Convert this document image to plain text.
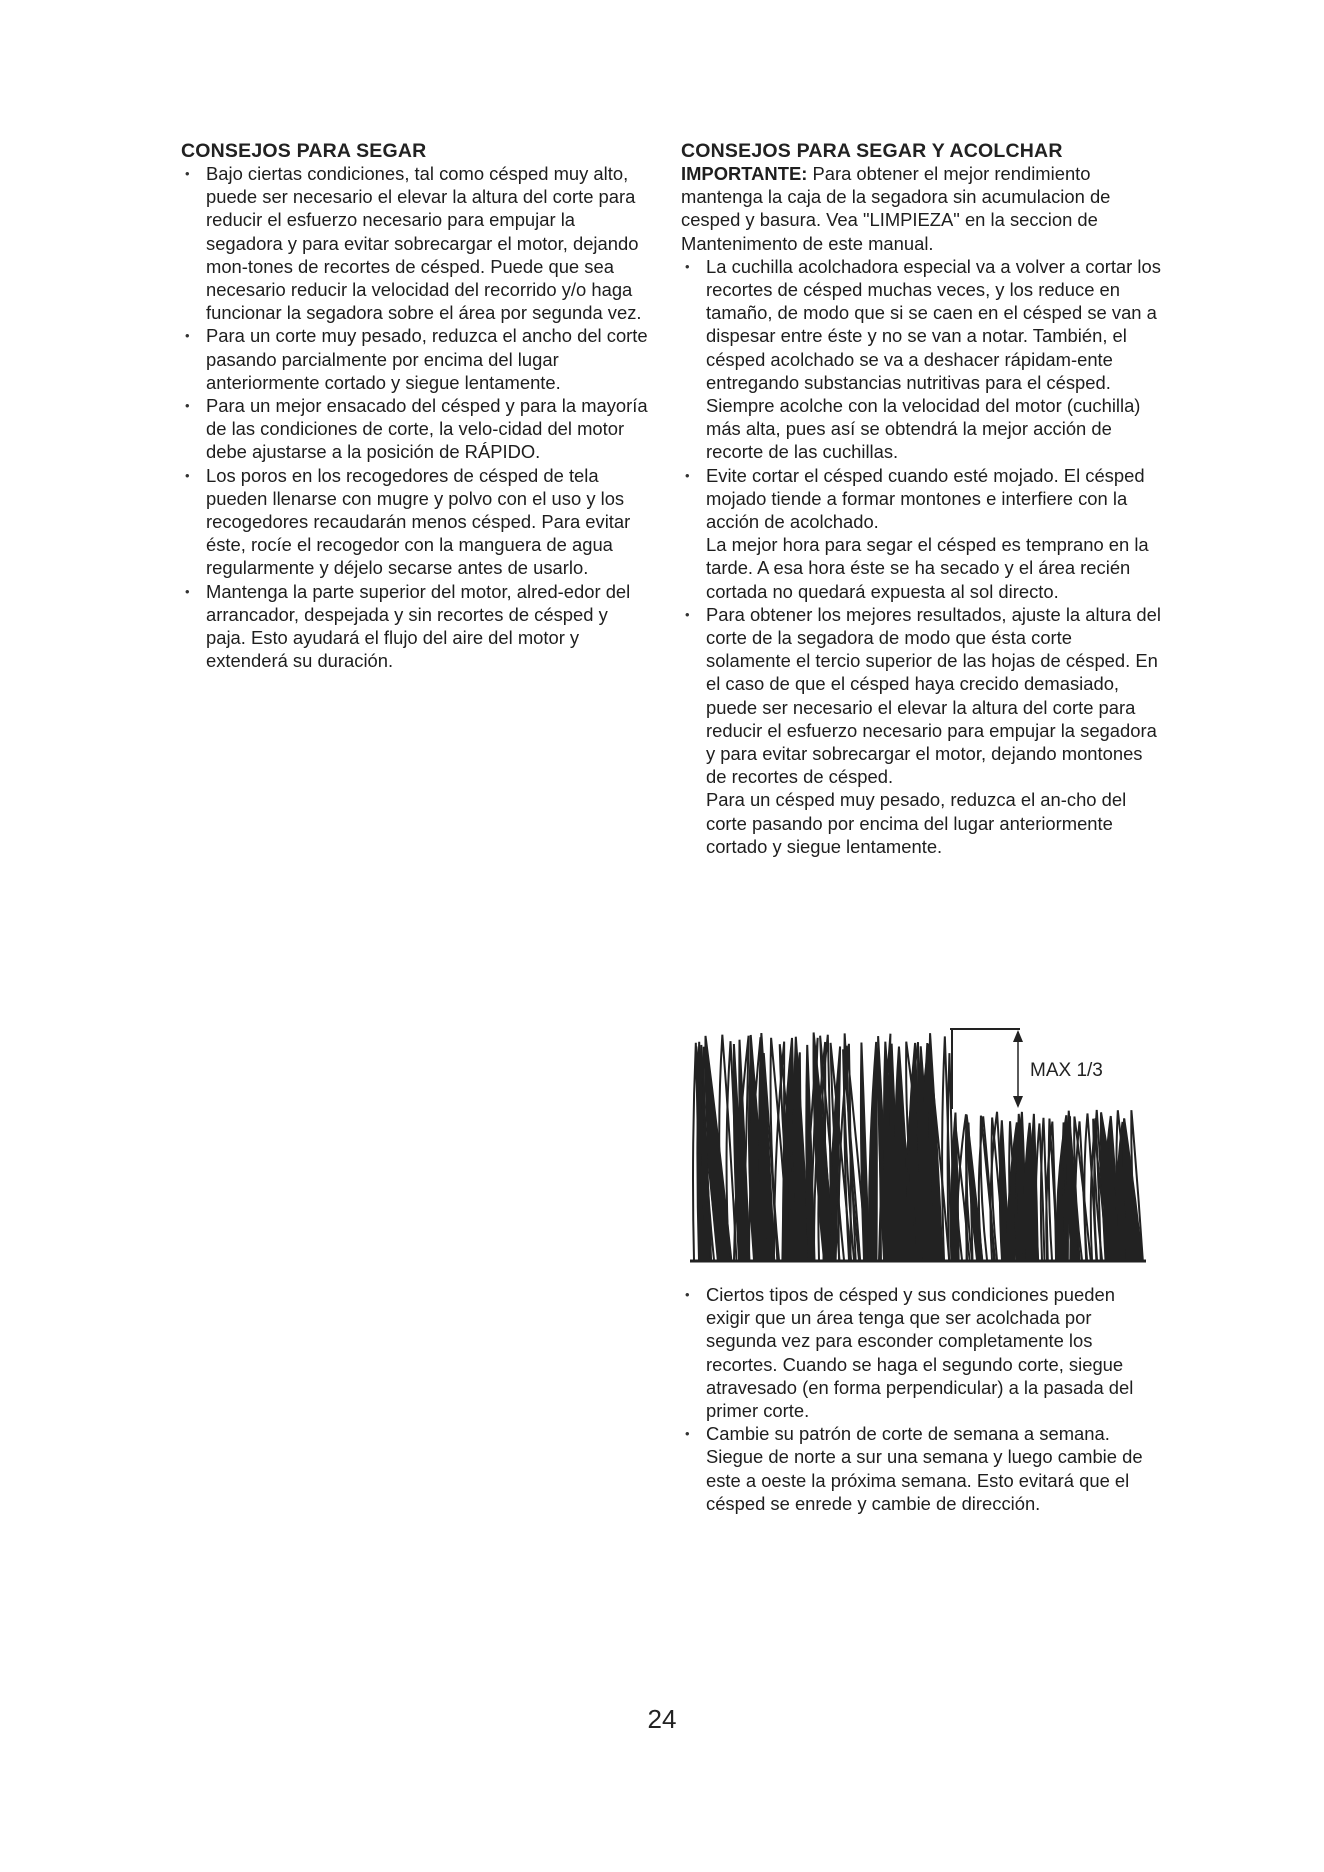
CONSEJOS PARA SEGAR
• Bajo ciertas condiciones, tal como césped muy alto, puede ser necesario el elevar la altura del corte para reducir el esfuerzo necesario para empujar la segadora y para evitar sobrecargar el motor, dejando mon-tones de recortes de césped. Puede que sea necesario reducir la velocidad del recorrido y/o haga funcionar la segadora sobre el área por segunda vez.
• Para un corte muy pesado, reduzca el ancho del corte pasando parcialmente por encima del lugar anteriormente cortado y siegue lentamente.
• Para un mejor ensacado del césped y para la mayoría de las condiciones de corte, la velo-cidad del motor debe ajustarse a la posición de RÁPIDO.
• Los poros en los recogedores de césped de tela pueden llenarse con mugre y polvo con el uso y los recogedores recaudarán menos césped. Para evitar éste, rocíe el recogedor con la manguera de agua regularmente y déjelo secarse antes de usarlo.
• Mantenga la parte superior del motor, alred-edor del arrancador, despejada y sin recortes de césped y paja. Esto ayudará el flujo del aire del motor y extenderá su duración.
CONSEJOS PARA SEGAR Y ACOLCHAR

IMPORTANTE: Para obtener el mejor rendimiento mantenga la caja de la segadora sin acumulacion de cesped y basura. Vea "LIMPIEZA" en la seccion de Mantenimento de este manual.

• La cuchilla acolchadora especial va a volver a cortar los recortes de césped muchas veces, y los reduce en tamaño, de modo que si se caen en el césped se van a dispesar entre éste y no se van a notar. También, el césped acolchado se va a deshacer rápidam-ente entregando substancias nutritivas para el césped. Siempre acolche con la velocidad del motor (cuchilla) más alta, pues así se obtendrá la mejor acción de recorte de las cuchillas.
• Evite cortar el césped cuando esté mojado. El césped mojado tiende a formar montones e interfiere con la acción de acolchado.
La mejor hora para segar el césped es temprano en la tarde. A esa hora éste se ha secado y el área recién cortada no quedará expuesta al sol directo.
• Para obtener los mejores resultados, ajuste la altura del corte de la segadora de modo que ésta corte solamente el tercio superior de las hojas de césped. En el caso de que el césped haya crecido demasiado, puede ser necesario el elevar la altura del corte para reducir el esfuerzo necesario para empujar la segadora y para evitar sobrecargar el motor, dejando montones de recortes de césped.
Para un césped muy pesado, reduzca el an-cho del corte pasando por encima del lugar anteriormente cortado y siegue lentamente.
MAX 1/3
• Ciertos tipos de césped y sus condiciones pueden exigir que un área tenga que ser acolchada por segunda vez para esconder completamente los recortes. Cuando se haga el segundo corte, siegue atravesado (en forma perpendicular) a la pasada del primer corte.
• Cambie su patrón de corte de semana a semana. Siegue de norte a sur una semana y luego cambie de este a oeste la próxima semana. Esto evitará que el césped se enrede y cambie de dirección.
24
